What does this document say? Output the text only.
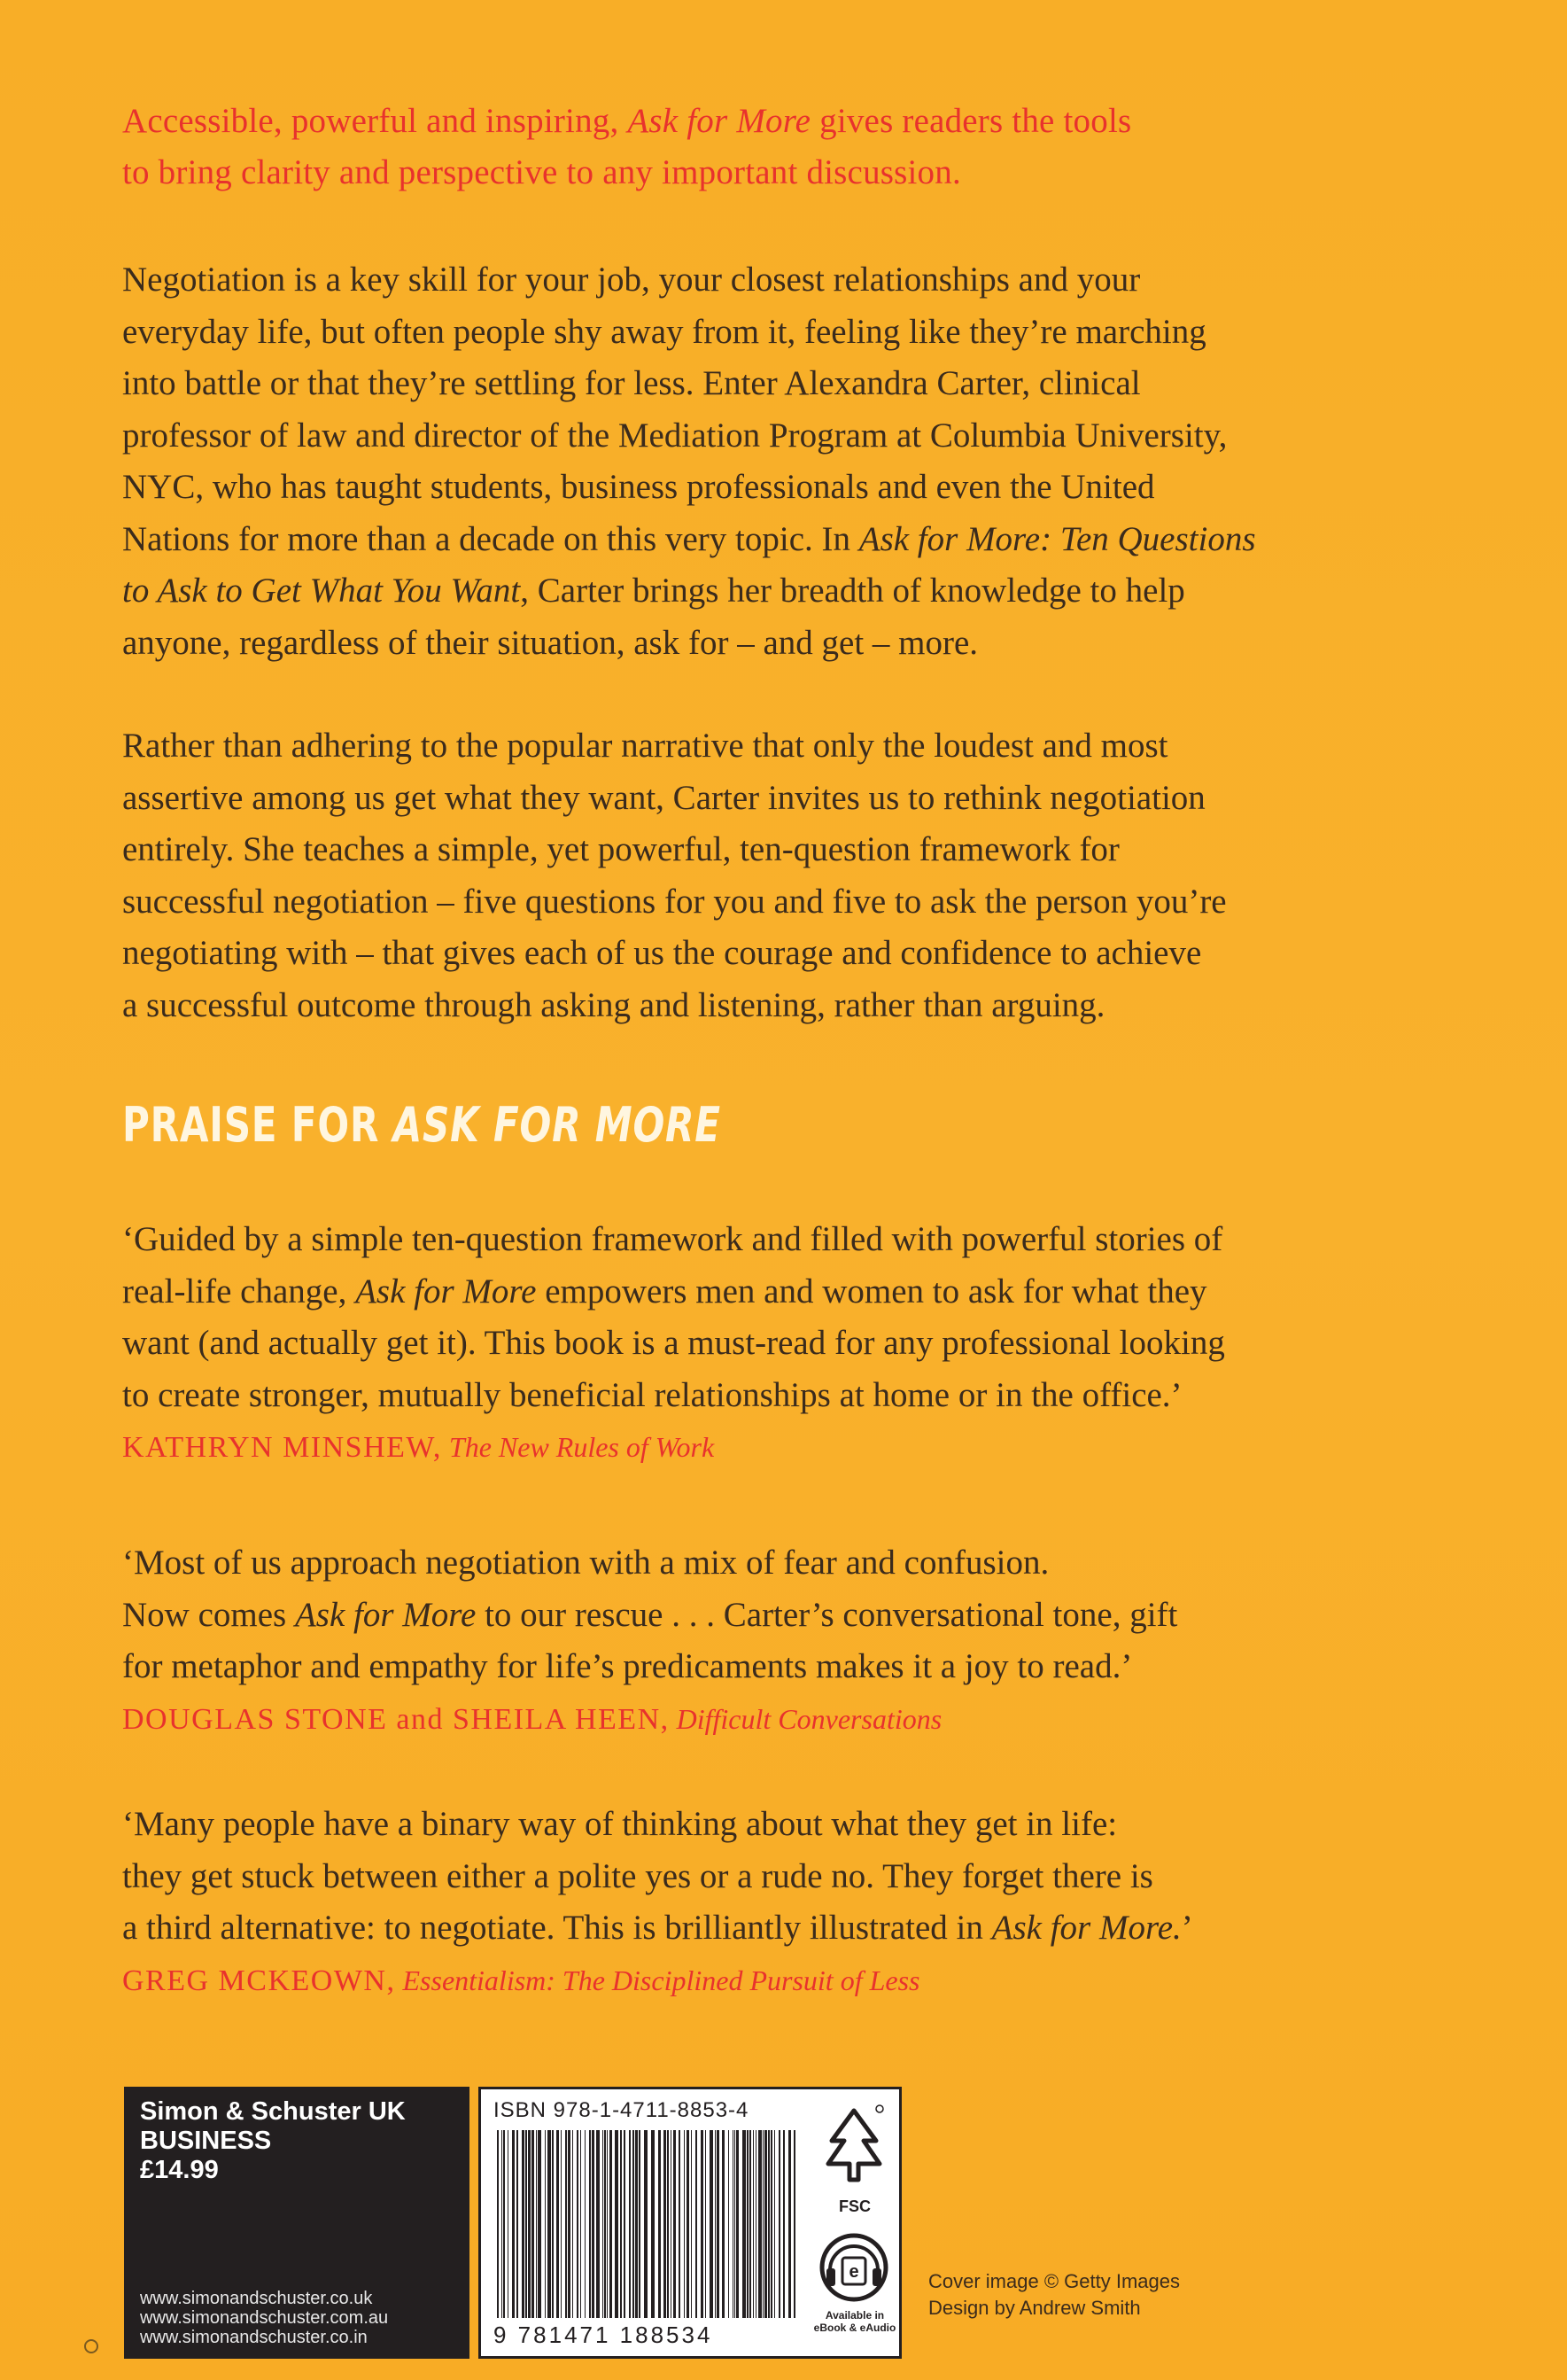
Accessible, powerful and inspiring, Ask for More gives readers the tools

to bring clarity and perspective to any important discussion.

Negotiation is a key skill for your job, your closest relationships and your

everyday life, but often people shy away from it, feeling like they’re marching

into battle or that they’re settling for less. Enter Alexandra Carter, clinical

professor of law and director of the Mediation Program at Columbia University,

NYC, who has taught students, business professionals and even the United

Nations for more than a decade on this very topic. In Ask for More: Ten Questions

to Ask to Get What You Want, Carter brings her breadth of knowledge to help

anyone, regardless of their situation, ask for – and get – more.

Rather than adhering to the popular narrative that only the loudest and most

assertive among us get what they want, Carter invites us to rethink negotiation

entirely. She teaches a simple, yet powerful, ten-question framework for

successful negotiation – five questions for you and five to ask the person you’re

negotiating with – that gives each of us the courage and confidence to achieve

a successful outcome through asking and listening, rather than arguing.

PRAISE FOR ASK FOR MORE

‘Guided by a simple ten-question framework and filled with powerful stories of

real-life change, Ask for More empowers men and women to ask for what they

want (and actually get it). This book is a must-read for any professional looking

to create stronger, mutually beneficial relationships at home or in the office.’

KATHRYN MINSHEW, The New Rules of Work

‘Most of us approach negotiation with a mix of fear and confusion.

Now comes Ask for More to our rescue . . . Carter’s conversational tone, gift

for metaphor and empathy for life’s predicaments makes it a joy to read.’

DOUGLAS STONE and SHEILA HEEN, Difficult Conversations

‘Many people have a binary way of thinking about what they get in life:

they get stuck between either a polite yes or a rude no. They forget there is

a third alternative: to negotiate. This is brilliantly illustrated in Ask for More.’

GREG MCKEOWN, Essentialism: The Disciplined Pursuit of Less

Simon & Schuster UK
BUSINESS
£14.99
www.simonandschuster.co.uk
www.simonandschuster.com.au
www.simonandschuster.co.in
ISBN 978-1-4711-8853-4
9 781471 188534
FSC
e
Available in eBook & eAudio
Cover image © Getty Images
Design by Andrew Smith
